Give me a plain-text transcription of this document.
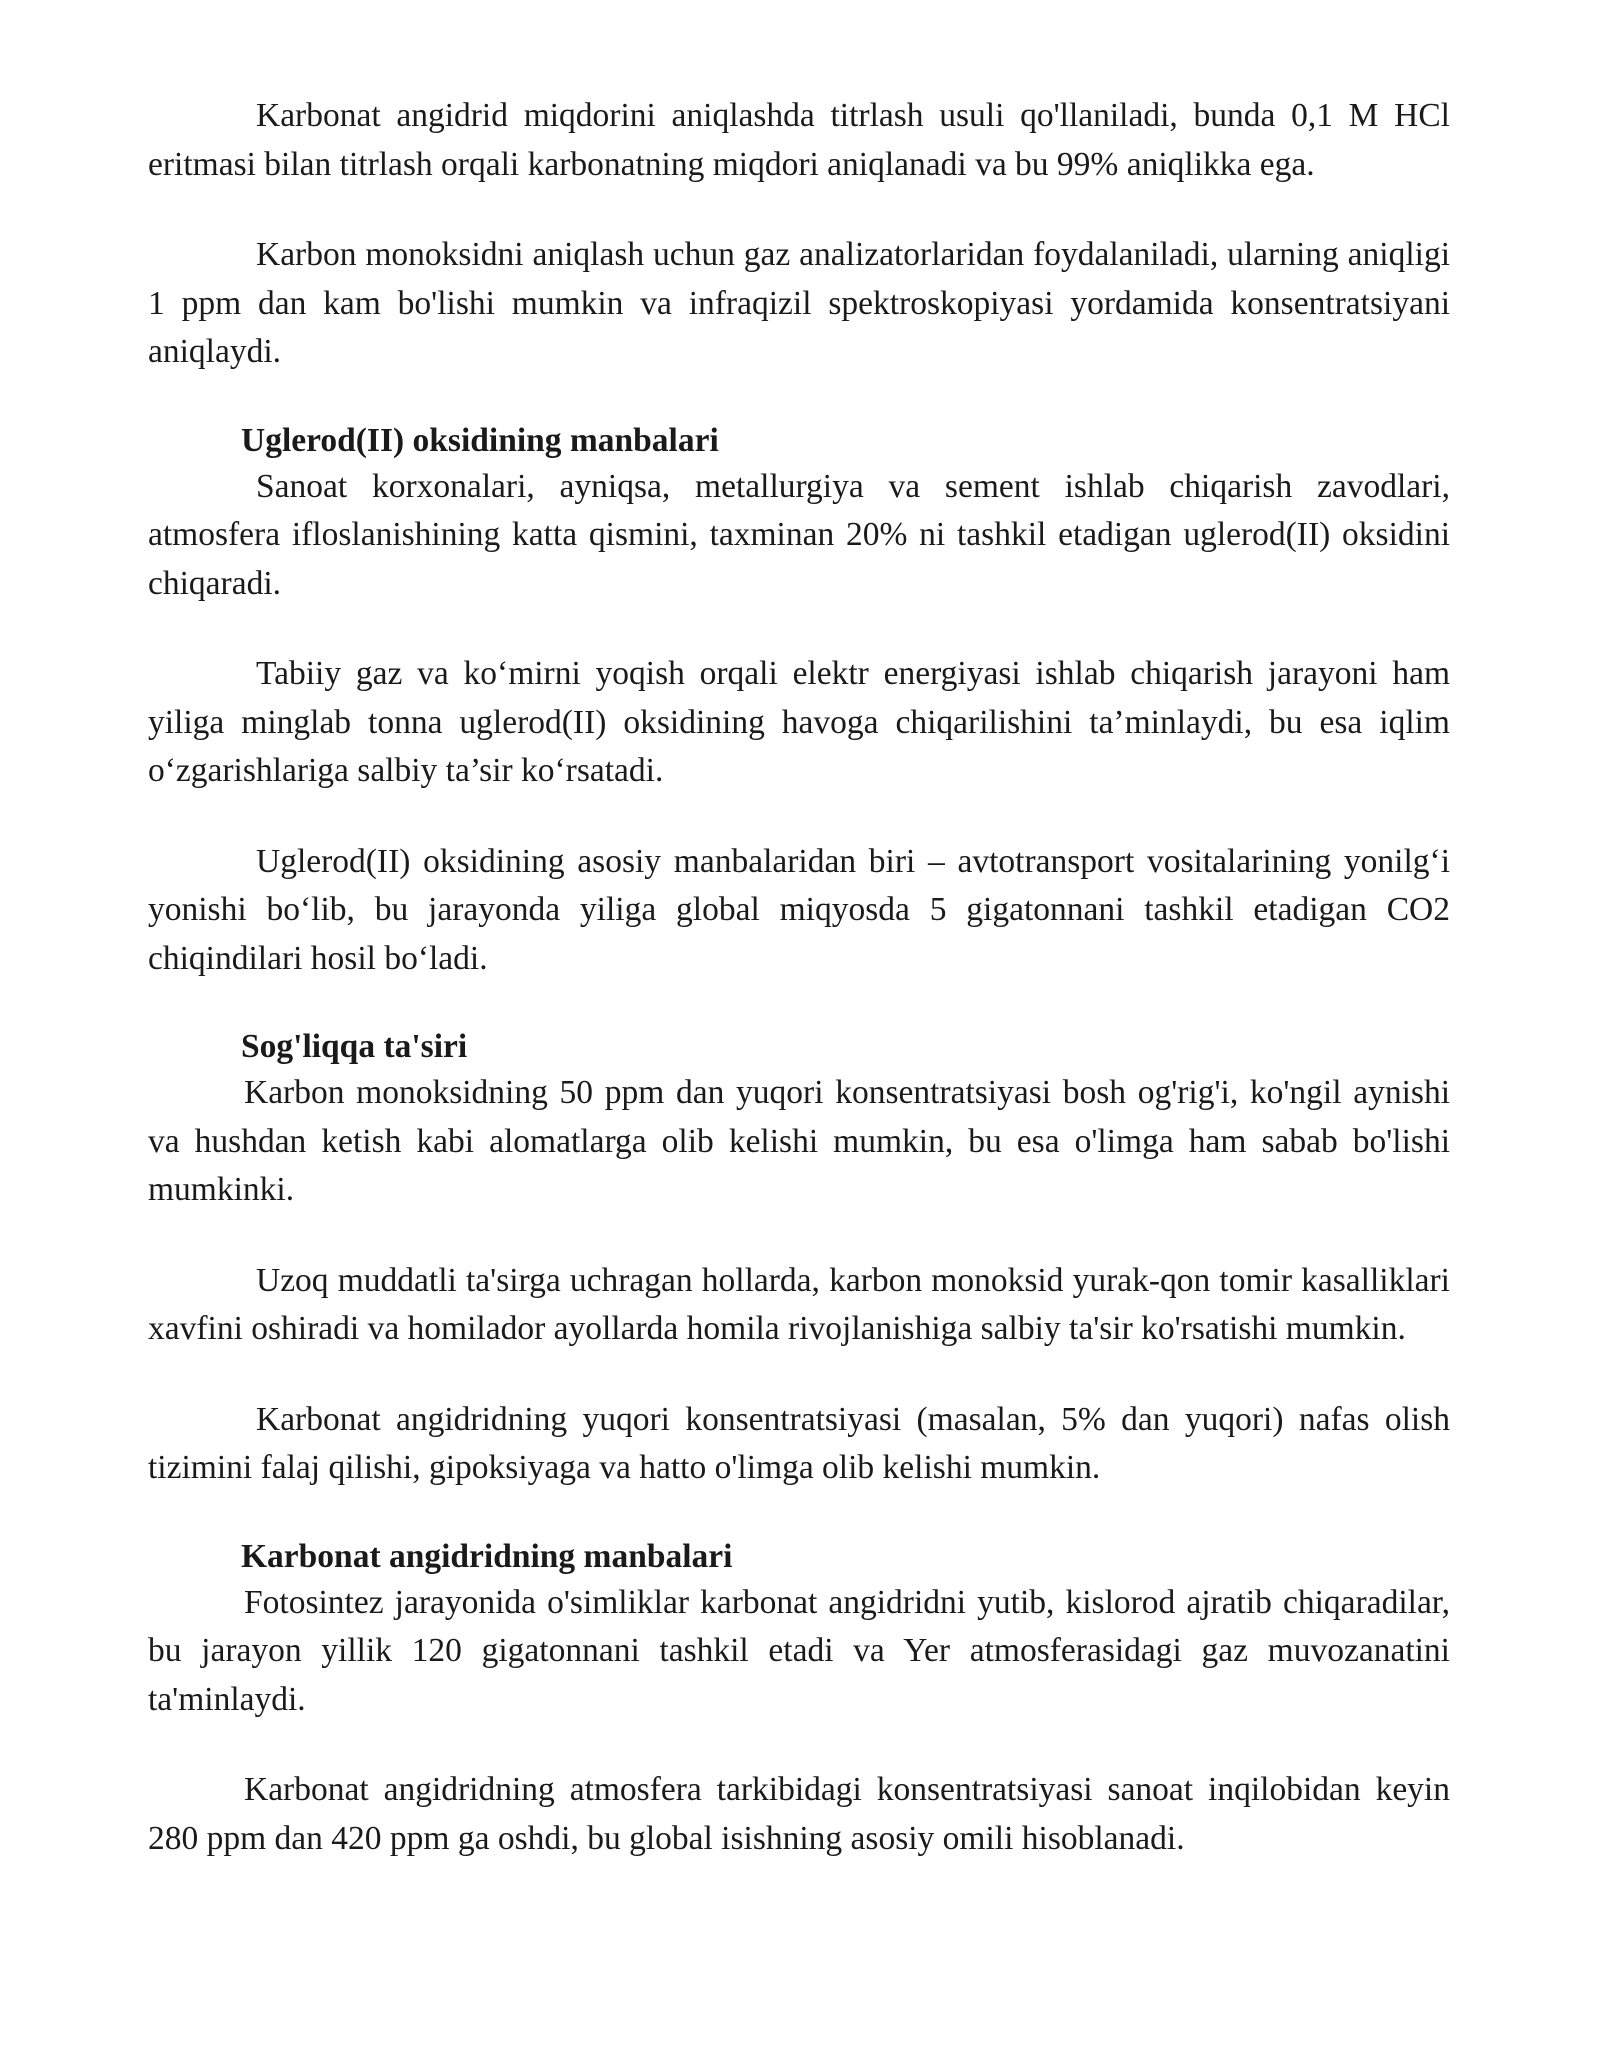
Karbonat angidrid miqdorini aniqlashda titrlash usuli qo'llaniladi, bunda 0,1 M HCl eritmasi bilan titrlash orqali karbonatning miqdori aniqlanadi va bu 99% aniqlikka ega.

Karbon monoksidni aniqlash uchun gaz analizatorlaridan foydalaniladi, ularning aniqligi 1 ppm dan kam bo'lishi mumkin va infraqizil spektroskopiyasi yordamida konsentratsiyani aniqlaydi.

Uglerod(II) oksidining manbalari

Sanoat korxonalari, ayniqsa, metallurgiya va sement ishlab chiqarish zavodlari, atmosfera ifloslanishining katta qismini, taxminan 20% ni tashkil etadigan uglerod(II) oksidini chiqaradi.

Tabiiy gaz va ko‘mirni yoqish orqali elektr energiyasi ishlab chiqarish jarayoni ham yiliga minglab tonna uglerod(II) oksidining havoga chiqarilishini ta’minlaydi, bu esa iqlim o‘zgarishlariga salbiy ta’sir ko‘rsatadi.

Uglerod(II) oksidining asosiy manbalaridan biri – avtotransport vositalarining yonilg‘i yonishi bo‘lib, bu jarayonda yiliga global miqyosda 5 gigatonnani tashkil etadigan CO2 chiqindilari hosil bo‘ladi.

Sog'liqqa ta'siri

Karbon monoksidning 50 ppm dan yuqori konsentratsiyasi bosh og'rig'i, ko'ngil aynishi va hushdan ketish kabi alomatlarga olib kelishi mumkin, bu esa o'limga ham sabab bo'lishi mumkinki.

Uzoq muddatli ta'sirga uchragan hollarda, karbon monoksid yurak-qon tomir kasalliklari xavfini oshiradi va homilador ayollarda homila rivojlanishiga salbiy ta'sir ko'rsatishi mumkin.

Karbonat angidridning yuqori konsentratsiyasi (masalan, 5% dan yuqori) nafas olish tizimini falaj qilishi, gipoksiyaga va hatto o'limga olib kelishi mumkin.

Karbonat angidridning manbalari

Fotosintez jarayonida o'simliklar karbonat angidridni yutib, kislorod ajratib chiqaradilar, bu jarayon yillik 120 gigatonnani tashkil etadi va Yer atmosferasidagi gaz muvozanatini ta'minlaydi.

Karbonat angidridning atmosfera tarkibidagi konsentratsiyasi sanoat inqilobidan keyin 280 ppm dan 420 ppm ga oshdi, bu global isishning asosiy omili hisoblanadi.
